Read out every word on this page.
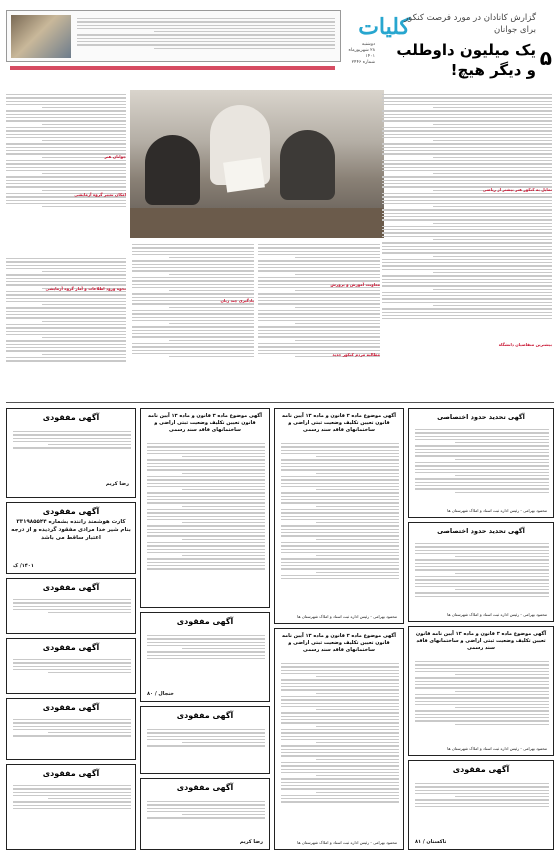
۵
کلیات
دوشنبه
۲۸ شهریورماه ۱۴۰۱
شماره ۲۴۴۶
گزارش کانادان در مورد فرصت کنکور برای جوانان
یک میلیون داوطلب
و دیگر هیچ!
تمایل به کنکور هنر بیشتر از ریاضی
بیشترین متقاضیان دانشگاه
جوانان هنر
امکان تغییر گروه آزمایشی
معاونت آموزش و پرورش
مطالبه مردم کنکور جدید
یادگیری چند زبان
نحوه ورود اطلاعات و آمار گروه آزمایشی
آگهی مفقودی
رضا کریم
آگهی مفقودی
کارت هوشمند راننده بشماره ۳۳۱۹۸۵۵۴۴ بنام شیر خدا مرادی مفقود گردیده و از درجه اعتبار ساقط می باشد
۱۴۰۱/ ک
آگهی مفقودی
آگهی مفقودی
آگهی مفقودی
آگهی مفقودی
آگهی موضوع ماده ۳ قانون و ماده ۱۳ آیین نامه قانون تعیین تکلیف وضعیت ثبتی اراضی و ساختمانهای فاقد سند رسمی
آگهی مفقودی
خنجال / ۸۰
آگهی مفقودی
آگهی مفقودی
رضا کریم
آگهی موضوع ماده ۳ قانون و ماده ۱۳ آیین نامه قانون تعیین تکلیف وضعیت ثبتی اراضی و ساختمانهای فاقد سند رسمی
محمود بهرامی - رئیس اداره ثبت اسناد و املاک شهرستان ها
آگهی موضوع ماده ۳ قانون و ماده ۱۳ آیین نامه قانون تعیین تکلیف وضعیت ثبتی اراضی و ساختمانهای فاقد سند رسمی
محمود بهرامی - رئیس اداره ثبت اسناد و املاک شهرستان ها
آگهی تحدید حدود اختصاصی
محمود بهرامی - رئیس اداره ثبت اسناد و املاک شهرستان ها
آگهی تحدید حدود اختصاصی
محمود بهرامی - رئیس اداره ثبت اسناد و املاک شهرستان ها
آگهی موضوع ماده ۳ قانون و ماده ۱۳ آیین نامه قانون تعیین تکلیف وضعیت ثبتی اراضی و ساختمانهای فاقد سند رسمی
محمود بهرامی - رئیس اداره ثبت اسناد و املاک شهرستان ها
آگهی مفقودی
تاکستان / ۸۱
